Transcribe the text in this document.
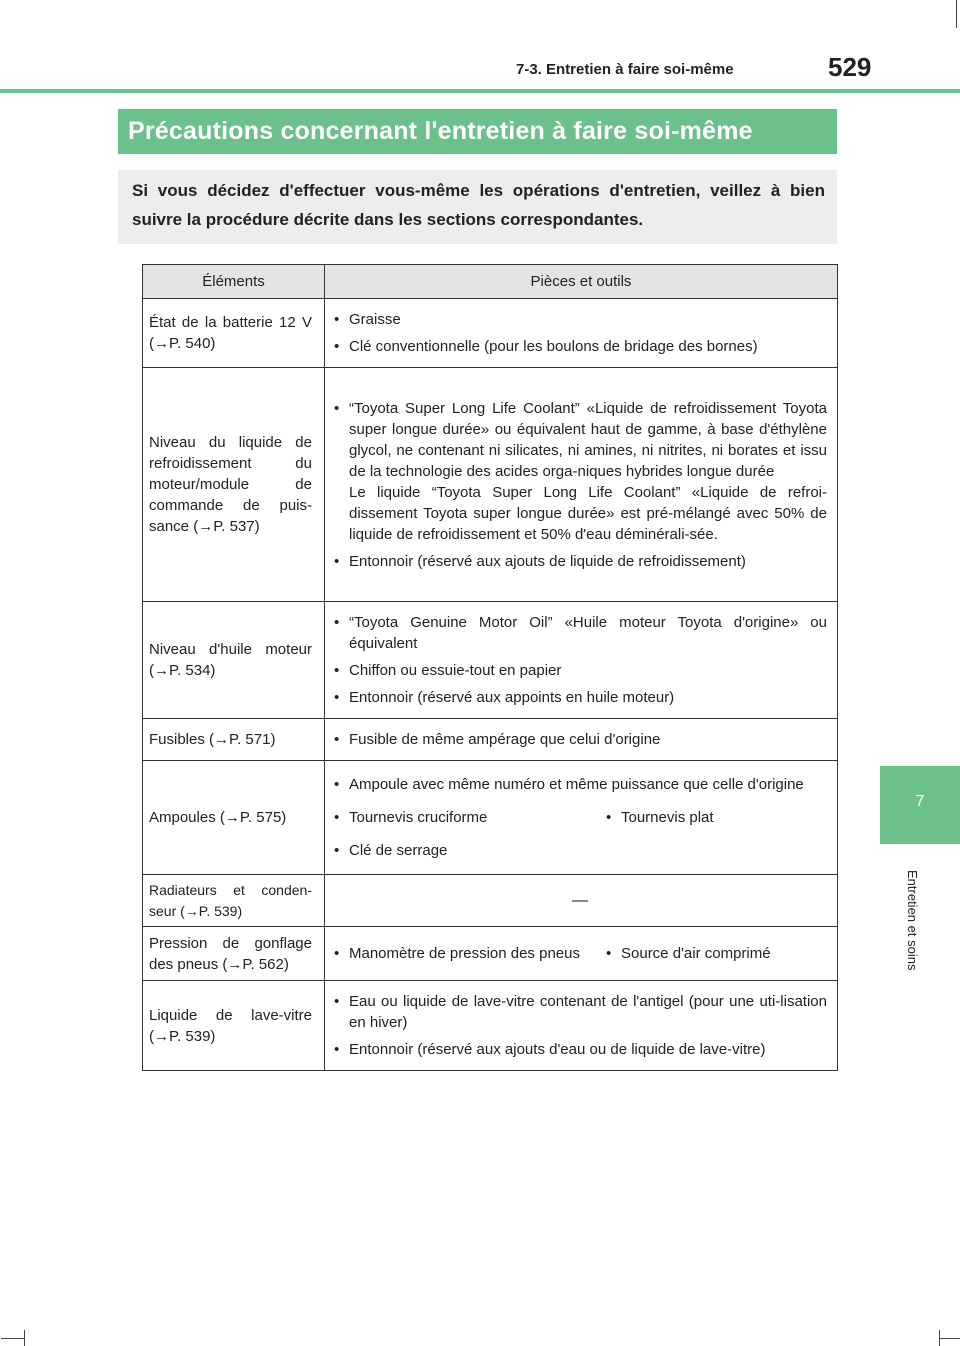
7-3. Entretien à faire soi-même	529
7
Entretien et soins
Précautions concernant l'entretien à faire soi-même
Si vous décidez d'effectuer vous-même les opérations d'entretien, veillez à bien suivre la procédure décrite dans les sections correspondantes.
Éléments	Pièces et outils
État de la batterie 12 V (→P. 540)	• Graisse
• Clé conventionnelle (pour les boulons de bridage des bornes)

Niveau du liquide de refroidissement du moteur/module de commande de puis-sance (→P. 537)	• “Toyota Super Long Life Coolant” «Liquide de refroidissement Toyota super longue durée» ou équivalent haut de gamme, à base d'éthylène glycol, ne contenant ni silicates, ni amines, ni nitrites, ni borates et issu de la technologie des acides orga-niques hybrides longue durée
Le liquide “Toyota Super Long Life Coolant” «Liquide de refroi-dissement Toyota super longue durée» est pré-mélangé avec 50% de liquide de refroidissement et 50% d'eau déminérali-sée.
• Entonnoir (réservé aux ajouts de liquide de refroidissement)

Niveau d'huile moteur (→P. 534)	• “Toyota Genuine Motor Oil” «Huile moteur Toyota d'origine» ou équivalent
• Chiffon ou essuie-tout en papier
• Entonnoir (réservé aux appoints en huile moteur)

Fusibles (→P. 571)	• Fusible de même ampérage que celui d'origine

Ampoules (→P. 575)	• Ampoule avec même numéro et même puissance que celle d'origine
• Tournevis cruciforme • Tournevis plat
• Clé de serrage

Radiateurs et conden-seur (→P. 539)	—
Pression de gonflage des pneus (→P. 562)	• Manomètre de pression des pneus • Source d'air comprimé

Liquide de lave-vitre (→P. 539)	• Eau ou liquide de lave-vitre contenant de l'antigel (pour une uti-lisation en hiver)
• Entonnoir (réservé aux ajouts d'eau ou de liquide de lave-vitre)
